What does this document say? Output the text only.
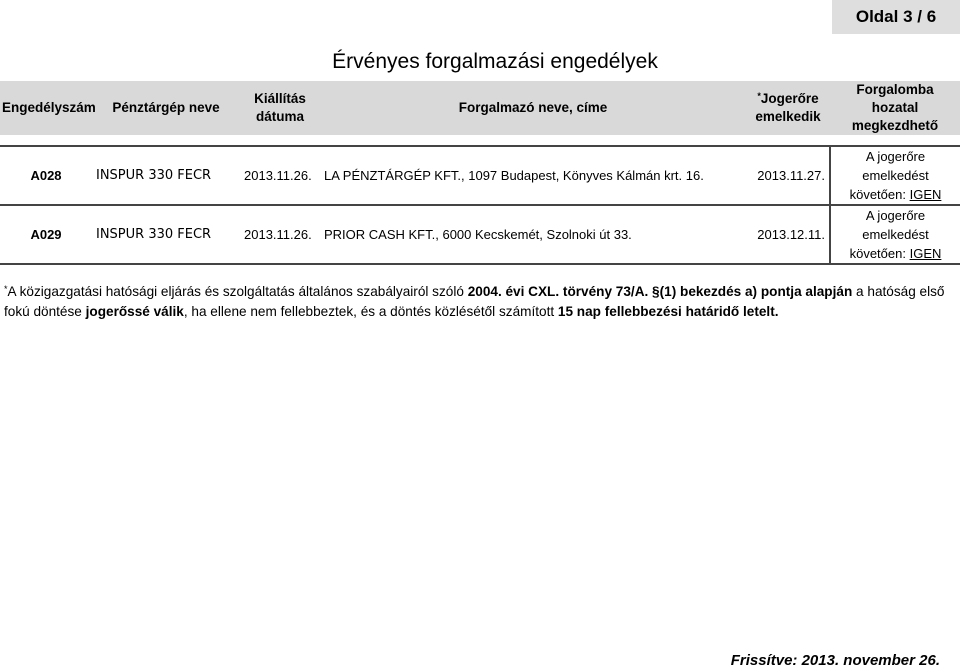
Oldal 3 / 6
Érvényes forgalmazási engedélyek
Engedélyszám	Pénztárgép neve	Kiállítás dátuma	Forgalmazó neve, címe	*Jogerőre emelkedik	Forgalomba hozatal megkezdhető

A028	INSPUR 330 FECR	2013.11.26.	LA PÉNZTÁRGÉP KFT., 1097 Budapest, Könyves Kálmán krt. 16.	2013.11.27.	A jogerőre
emelkedést
követően: IGEN

A029	INSPUR 330 FECR	2013.11.26.	PRIOR CASH KFT., 6000 Kecskemét, Szolnoki út 33.	2013.12.11.	A jogerőre
emelkedést
követően: IGEN
*A közigazgatási hatósági eljárás és szolgáltatás általános szabályairól szóló 2004. évi CXL. törvény 73/A. §(1) bekezdés a) pontja alapján a hatóság első fokú döntése jogerőssé válik, ha ellene nem fellebbeztek, és a döntés közlésétől számított 15 nap fellebbezési határidő letelt.
Frissítve: 2013. november 26.
